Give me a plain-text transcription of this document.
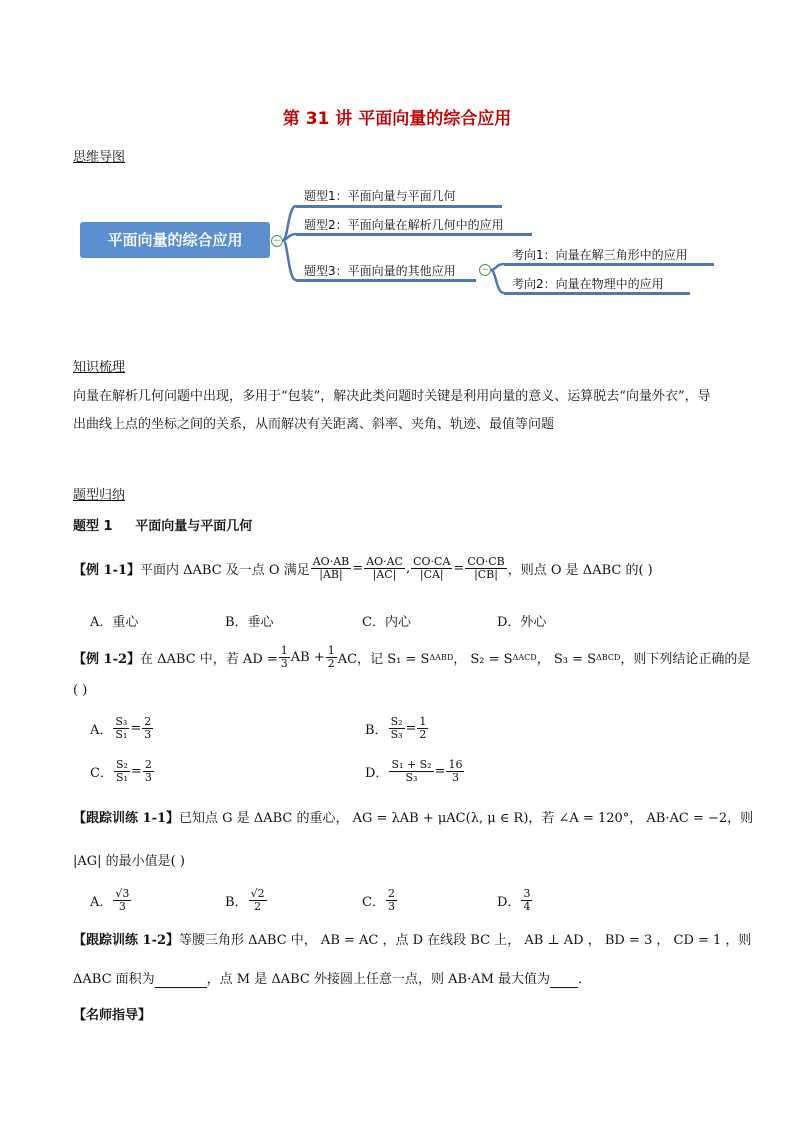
第 31 讲 平面向量的综合应用
思维导图
平面向量的综合应用	−
题型1：平面向量与平面几何
题型2：平面向量在解析几何中的应用
题型3：平面向量的其他应用	−
考向1：向量在解三角形中的应用
考向2：向量在物理中的应用
知识梳理
向量在解析几何问题中出现，多用于“包装”，解决此类问题时关键是利用向量的意义、运算脱去“向量外衣”，导出曲线上点的坐标之间的关系，从而解决有关距离、斜率、夹角、轨迹、最值等问题
题型归纳
题型 1 平面向量与平面几何
【例 1-1】 平面内 ΔABC 及一点 O 满足 $\frac{AO\cdot AB}{|AB|} = \frac{AO\cdot AC}{|AC|}$ , $\frac{CO\cdot CA}{|CA|} = \frac{CO\cdot CB}{|CB|}$ ，则点 O 是 ΔABC 的( )
A．重心	B．垂心	C．内心	D．外心
【例 1-2】 在 ΔABC 中，若 AD = $\frac{1}{3}$ AB + $\frac{1}{2}$ AC，记 S₁ = S ΔABD ， S₂ = S ΔACD ， S₃ = S ΔBCD ，则下列结论正确的是
( )
A． $\frac{\text{S₃}}{\text{S₁}} = \frac{2}{3}$	B． $\frac{\text{S₂}}{\text{S₃}} = \frac{1}{2}$
C． $\frac{\text{S₂}}{\text{S₁}} = \frac{2}{3}$	D． $\frac{\text{S₁ + S₂}}{\text{S₃}} = \frac{16}{3}$
【跟踪训练 1-1】已知点 G 是 ΔABC 的重心， AG = λAB + μAC(λ, μ ∈ R)，若 ∠A = 120°， AB·AC = −2，则
|AG| 的最小值是( )
A． $\frac{√3}{3}$	B． $\frac{√2}{2}$	C． $\frac{2}{3}$	D． $\frac{3}{4}$
【跟踪训练 1-2】等腰三角形 ΔABC 中， AB = AC ，点 D 在线段 BC 上， AB ⊥ AD ， BD = 3 ， CD = 1 ，则
ΔABC 面积为	，点 M 是 ΔABC 外接圆上任意一点，则 AB·AM 最大值为 ．
【名师指导】
